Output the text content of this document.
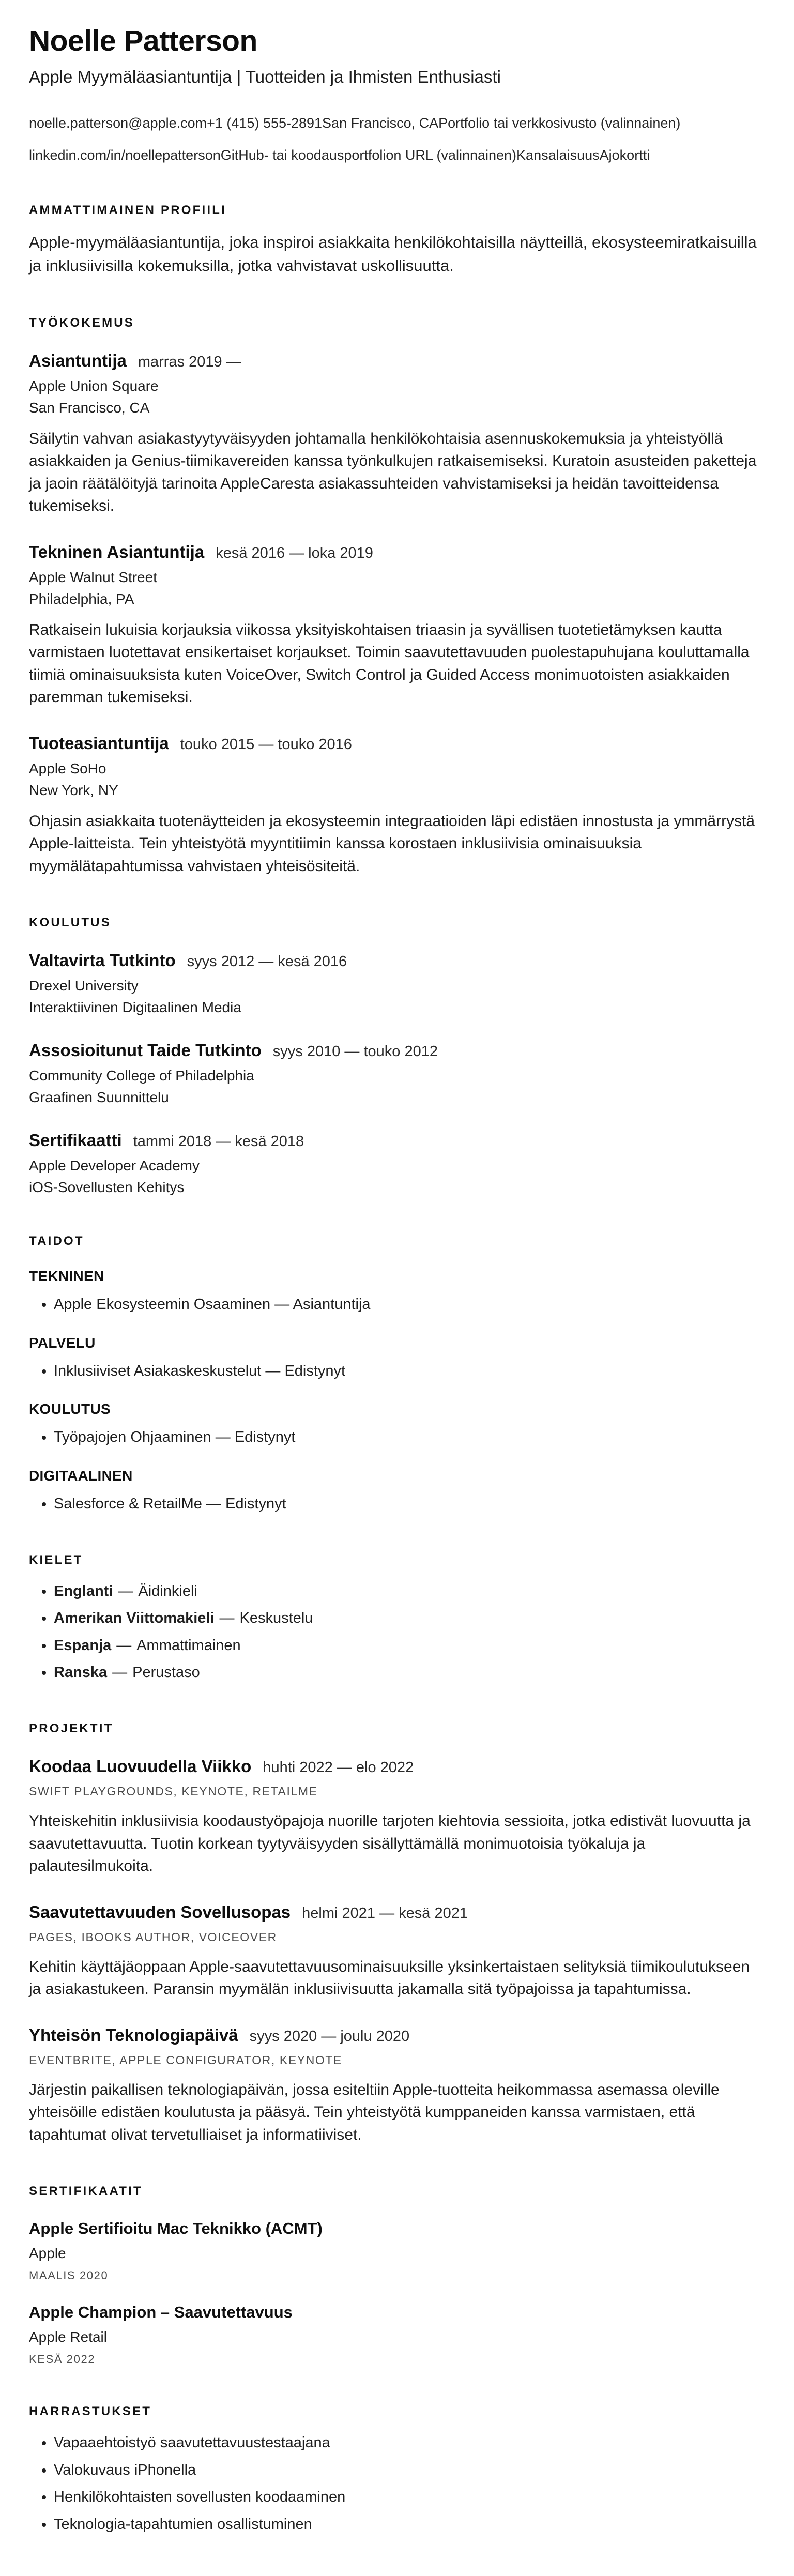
Noelle Patterson

Apple Myymäläasiantuntija | Tuotteiden ja Ihmisten Enthusiasti

noelle.patterson@apple.com+1 (415) 555-2891San Francisco, CAPortfolio tai verkkosivusto (valinnainen)

linkedin.com/in/noellepattersonGitHub- tai koodausportfolion URL (valinnainen)KansalaisuusAjokortti

AMMATTIMAINEN PROFIILI

Apple-myymäläasiantuntija, joka inspiroi asiakkaita henkilökohtaisilla näytteillä, ekosysteemiratkaisuilla ja inklusiivisilla kokemuksilla, jotka vahvistavat uskollisuutta.

TYÖKOKEMUS
Asiantuntija marras 2019 —

Apple Union Square

San Francisco, CA

Säilytin vahvan asiakastyytyväisyyden johtamalla henkilökohtaisia asennuskokemuksia ja yhteistyöllä asiakkaiden ja Genius-tiimikavereiden kanssa työnkulkujen ratkaisemiseksi. Kuratoin asusteiden paketteja ja jaoin räätälöityjä tarinoita AppleCaresta asiakassuhteiden vahvistamiseksi ja heidän tavoitteidensa tukemiseksi.

Tekninen Asiantuntija kesä 2016 — loka 2019

Apple Walnut Street

Philadelphia, PA

Ratkaisein lukuisia korjauksia viikossa yksityiskohtaisen triaasin ja syvällisen tuotetietämyksen kautta varmistaen luotettavat ensikertaiset korjaukset. Toimin saavutettavuuden puolestapuhujana kouluttamalla tiimiä ominaisuuksista kuten VoiceOver, Switch Control ja Guided Access monimuotoisten asiakkaiden paremman tukemiseksi.

Tuoteasiantuntija touko 2015 — touko 2016

Apple SoHo

New York, NY

Ohjasin asiakkaita tuotenäytteiden ja ekosysteemin integraatioiden läpi edistäen innostusta ja ymmärrystä Apple-laitteista. Tein yhteistyötä myyntitiimin kanssa korostaen inklusiivisia ominaisuuksia myymälätapahtumissa vahvistaen yhteisösiteitä.

KOULUTUS
Valtavirta Tutkinto syys 2012 — kesä 2016

Drexel University

Interaktiivinen Digitaalinen Media

Assosioitunut Taide Tutkinto syys 2010 — touko 2012

Community College of Philadelphia

Graafinen Suunnittelu

Sertifikaatti tammi 2018 — kesä 2018

Apple Developer Academy

iOS-Sovellusten Kehitys

TAIDOT
TEKNINEN
• Apple Ekosysteemin Osaaminen — Asiantuntija
PALVELU
• Inklusiiviset Asiakaskeskustelut — Edistynyt
KOULUTUS
• Työpajojen Ohjaaminen — Edistynyt
DIGITAALINEN
• Salesforce & RetailMe — Edistynyt
KIELET
• Englanti — Äidinkieli
• Amerikan Viittomakieli — Keskustelu
• Espanja — Ammattimainen
• Ranska — Perustaso
PROJEKTIT
Koodaa Luovuudella Viikko huhti 2022 — elo 2022

SWIFT PLAYGROUNDS, KEYNOTE, RETAILME

Yhteiskehitin inklusiivisia koodaustyöpajoja nuorille tarjoten kiehtovia sessioita, jotka edistivät luovuutta ja saavutettavuutta. Tuotin korkean tyytyväisyyden sisällyttämällä monimuotoisia työkaluja ja palautesilmukoita.

Saavutettavuuden Sovellusopas helmi 2021 — kesä 2021

PAGES, IBOOKS AUTHOR, VOICEOVER

Kehitin käyttäjäoppaan Apple-saavutettavuusominaisuuksille yksinkertaistaen selityksiä tiimikoulutukseen ja asiakastukeen. Paransin myymälän inklusiivisuutta jakamalla sitä työpajoissa ja tapahtumissa.

Yhteisön Teknologiapäivä syys 2020 — joulu 2020

EVENTBRITE, APPLE CONFIGURATOR, KEYNOTE

Järjestin paikallisen teknologiapäivän, jossa esiteltiin Apple-tuotteita heikommassa asemassa oleville yhteisöille edistäen koulutusta ja pääsyä. Tein yhteistyötä kumppaneiden kanssa varmistaen, että tapahtumat olivat tervetulliaiset ja informatiiviset.

SERTIFIKAATIT
Apple Sertifioitu Mac Teknikko (ACMT)

Apple

MAALIS 2020

Apple Champion – Saavutettavuus

Apple Retail

KESÄ 2022

HARRASTUKSET
• Vapaaehtoistyö saavutettavuustestaajana
• Valokuvaus iPhonella
• Henkilökohtaisten sovellusten koodaaminen
• Teknologia-tapahtumien osallistuminen
